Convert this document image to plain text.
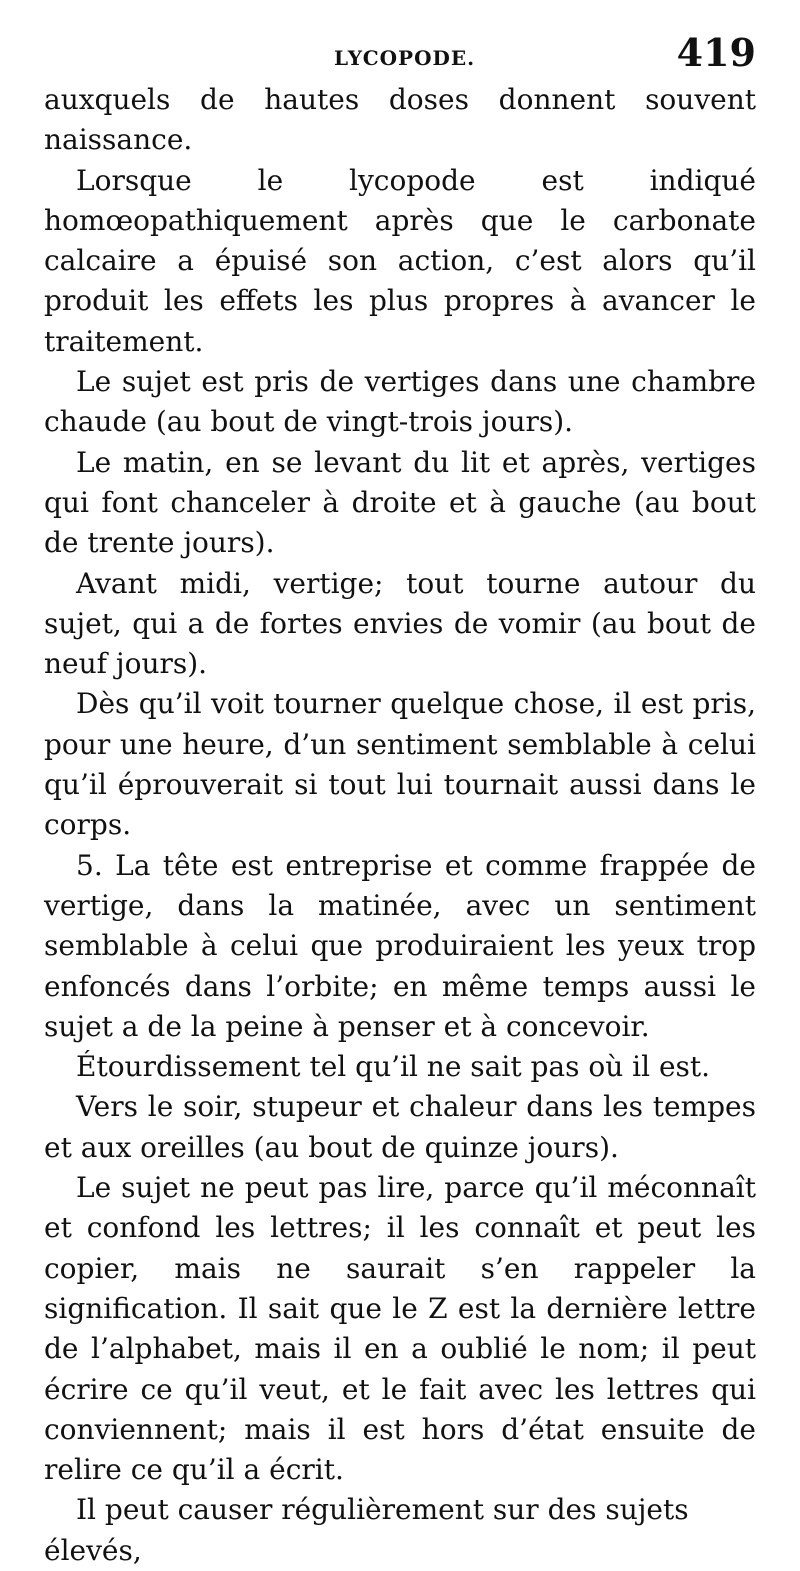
LYCOPODE.	419

auxquels de hautes doses donnent souvent naissance.

Lorsque le lycopode est indiqué homœopathiquement après que le carbonate calcaire a épuisé son action, c’est alors qu’il produit les effets les plus propres à avancer le traitement.

Le sujet est pris de vertiges dans une chambre chaude (au bout de vingt-trois jours).

Le matin, en se levant du lit et après, vertiges qui font chanceler à droite et à gauche (au bout de trente jours).

Avant midi, vertige; tout tourne autour du sujet, qui a de fortes envies de vomir (au bout de neuf jours).

Dès qu’il voit tourner quelque chose, il est pris, pour une heure, d’un sentiment semblable à celui qu’il éprouverait si tout lui tournait aussi dans le corps.

5. La tête est entreprise et comme frappée de vertige, dans la matinée, avec un sentiment semblable à celui que produiraient les yeux trop enfoncés dans l’orbite; en même temps aussi le sujet a de la peine à penser et à concevoir.

Étourdissement tel qu’il ne sait pas où il est.

Vers le soir, stupeur et chaleur dans les tempes et aux oreilles (au bout de quinze jours).

Le sujet ne peut pas lire, parce qu’il méconnaît et confond les lettres; il les connaît et peut les copier, mais ne saurait s’en rappeler la signification. Il sait que le Z est la dernière lettre de l’alphabet, mais il en a oublié le nom; il peut écrire ce qu’il veut, et le fait avec les lettres qui conviennent; mais il est hors d’état ensuite de relire ce qu’il a écrit.

Il peut causer régulièrement sur des sujets élevés,
